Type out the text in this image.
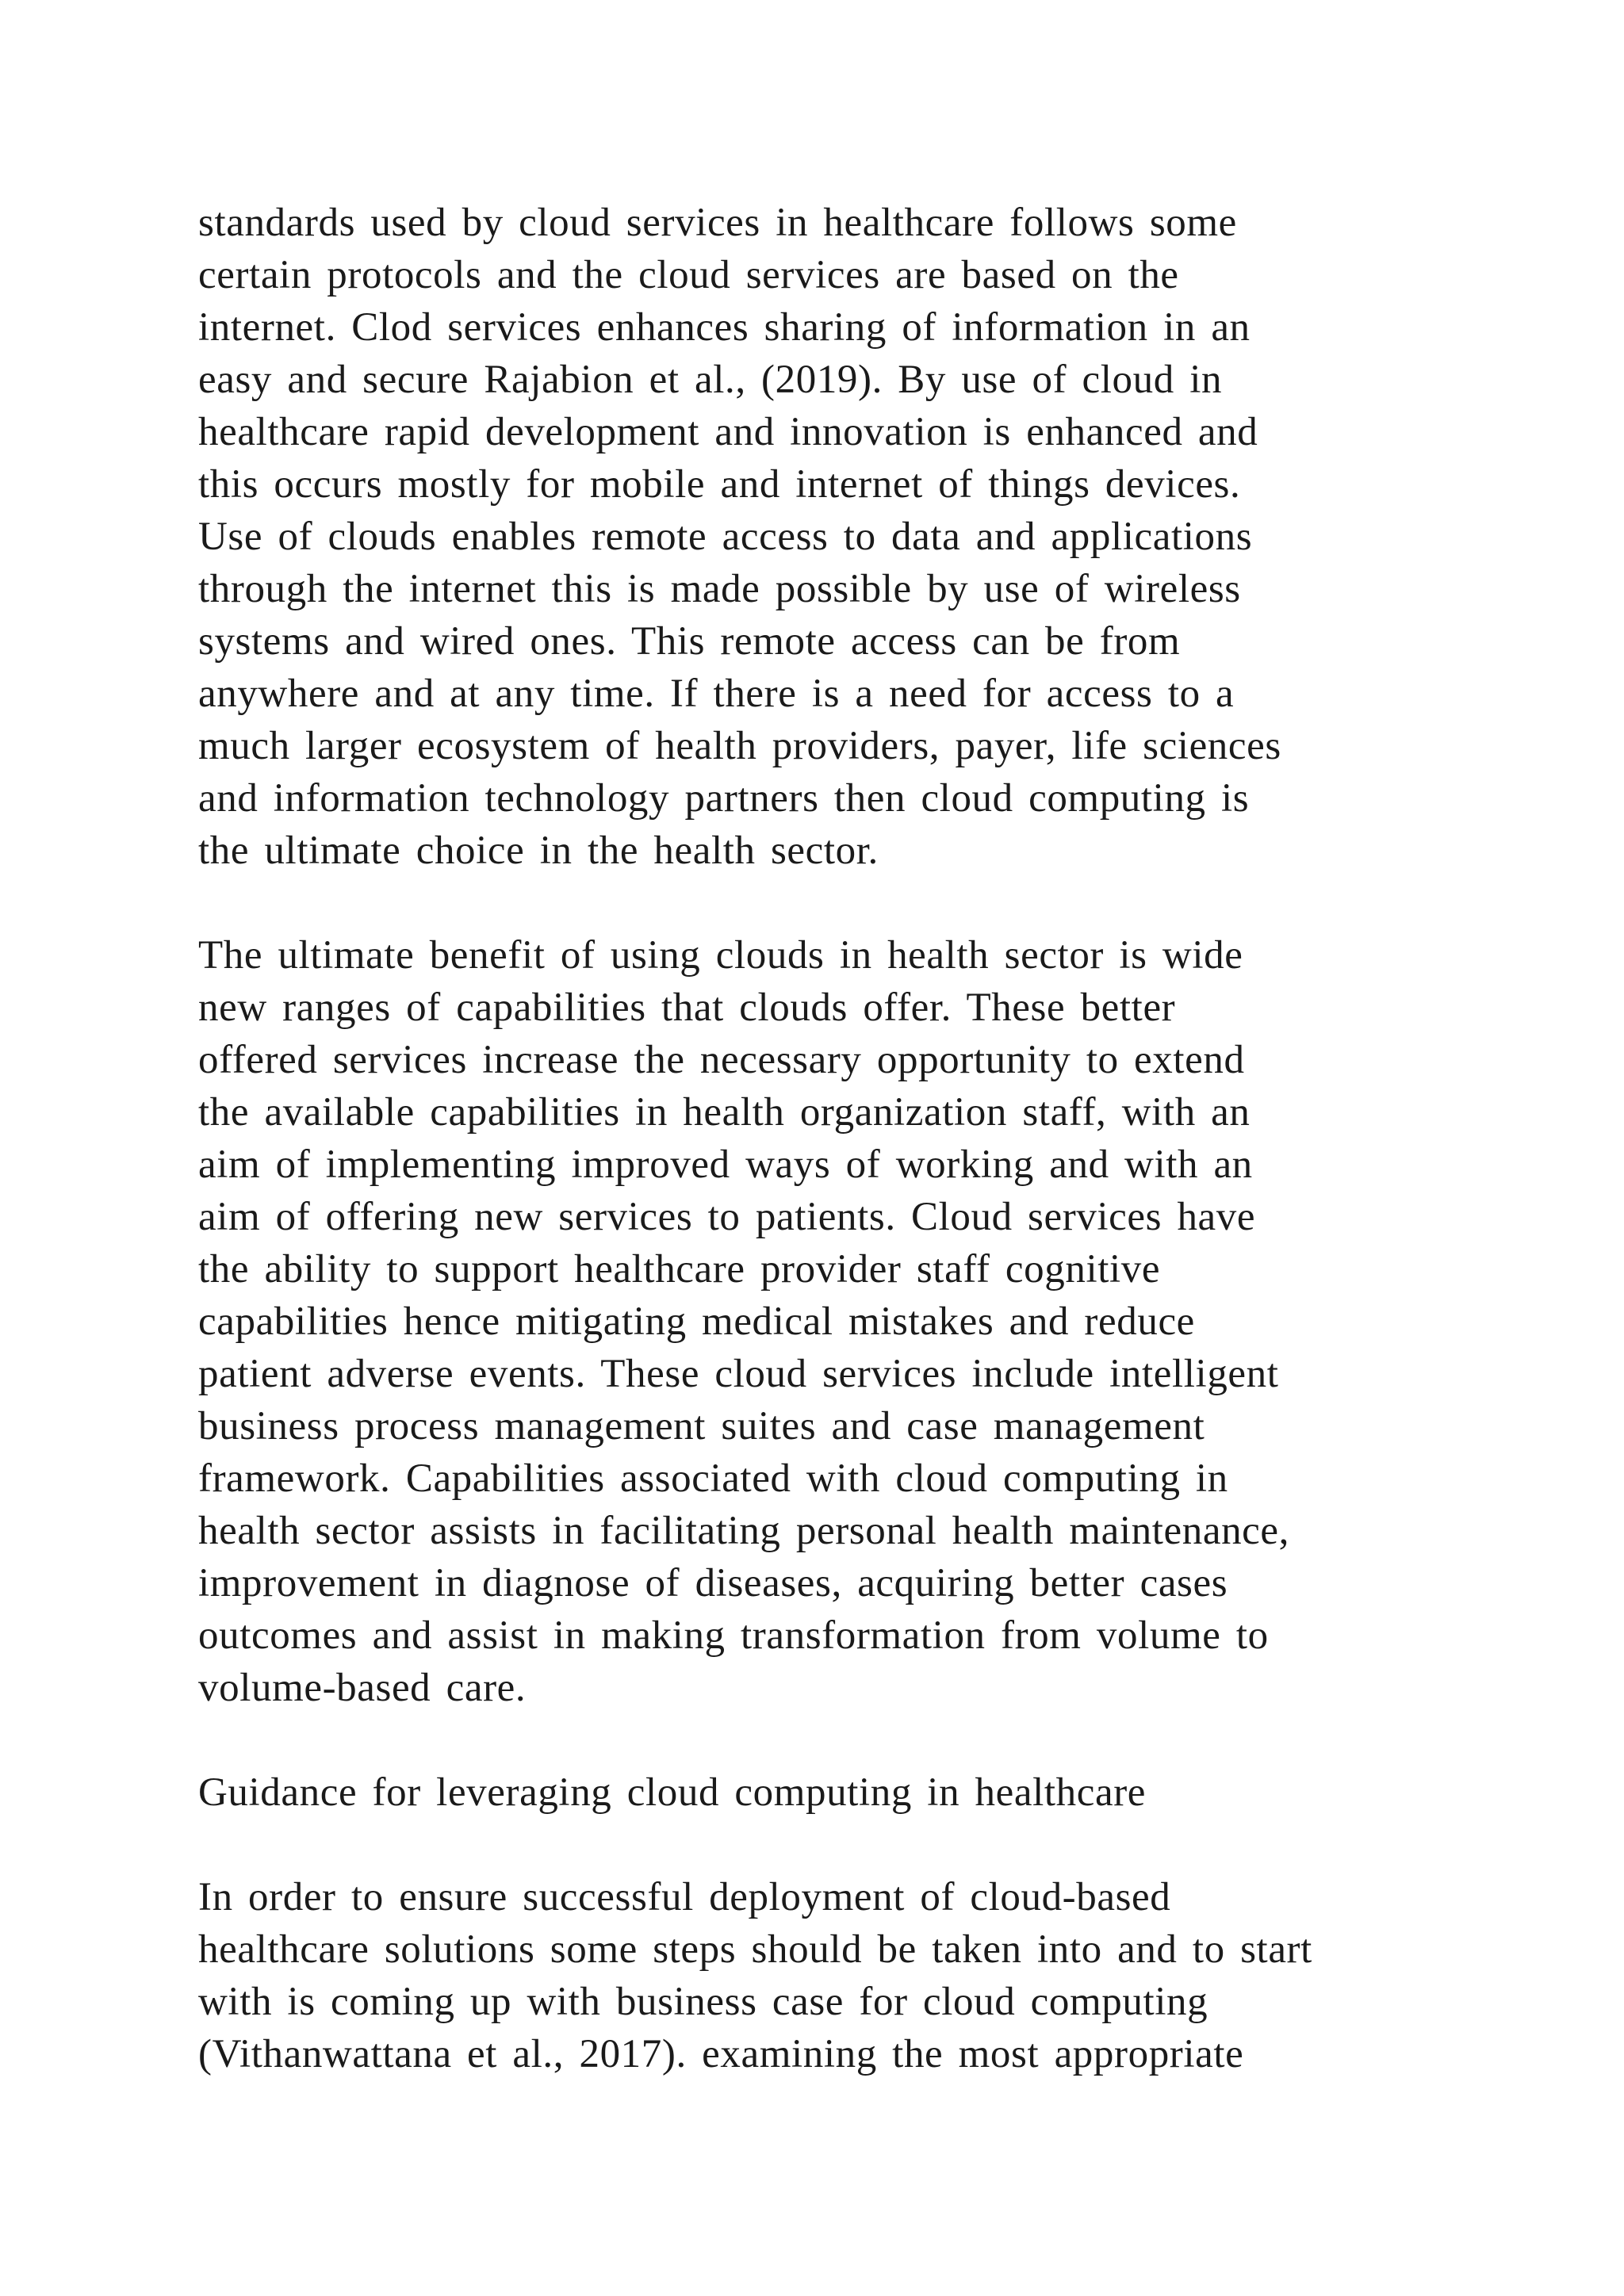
standards used by cloud services in healthcare follows some
certain protocols and the cloud services are based on the
internet. Clod services enhances sharing of information in an
easy and secure Rajabion et al., (2019). By use of cloud in
healthcare rapid development and innovation is enhanced and
this occurs mostly for mobile and internet of things devices.
Use of clouds enables remote access to data and applications
through the internet this is made possible by use of wireless
systems and wired ones. This remote access can be from
anywhere and at any time. If there is a need for access to a
much larger ecosystem of health providers, payer, life sciences
and information technology partners then cloud computing is
the ultimate choice in the health sector.
The ultimate benefit of using clouds in health sector is wide
new ranges of capabilities that clouds offer. These better
offered services increase the necessary opportunity to extend
the available capabilities in health organization staff, with an
aim of implementing improved ways of working and with an
aim of offering new services to patients. Cloud services have
the ability to support healthcare provider staff cognitive
capabilities hence mitigating medical mistakes and reduce
patient adverse events. These cloud services include intelligent
business process management suites and case management
framework. Capabilities associated with cloud computing in
health sector assists in facilitating personal health maintenance,
improvement in diagnose of diseases, acquiring better cases
outcomes and assist in making transformation from volume to
volume-based care.
Guidance for leveraging cloud computing in healthcare
In order to ensure successful deployment of cloud-based
healthcare solutions some steps should be taken into and to start
with is coming up with business case for cloud computing
(Vithanwattana et al., 2017). examining the most appropriate
